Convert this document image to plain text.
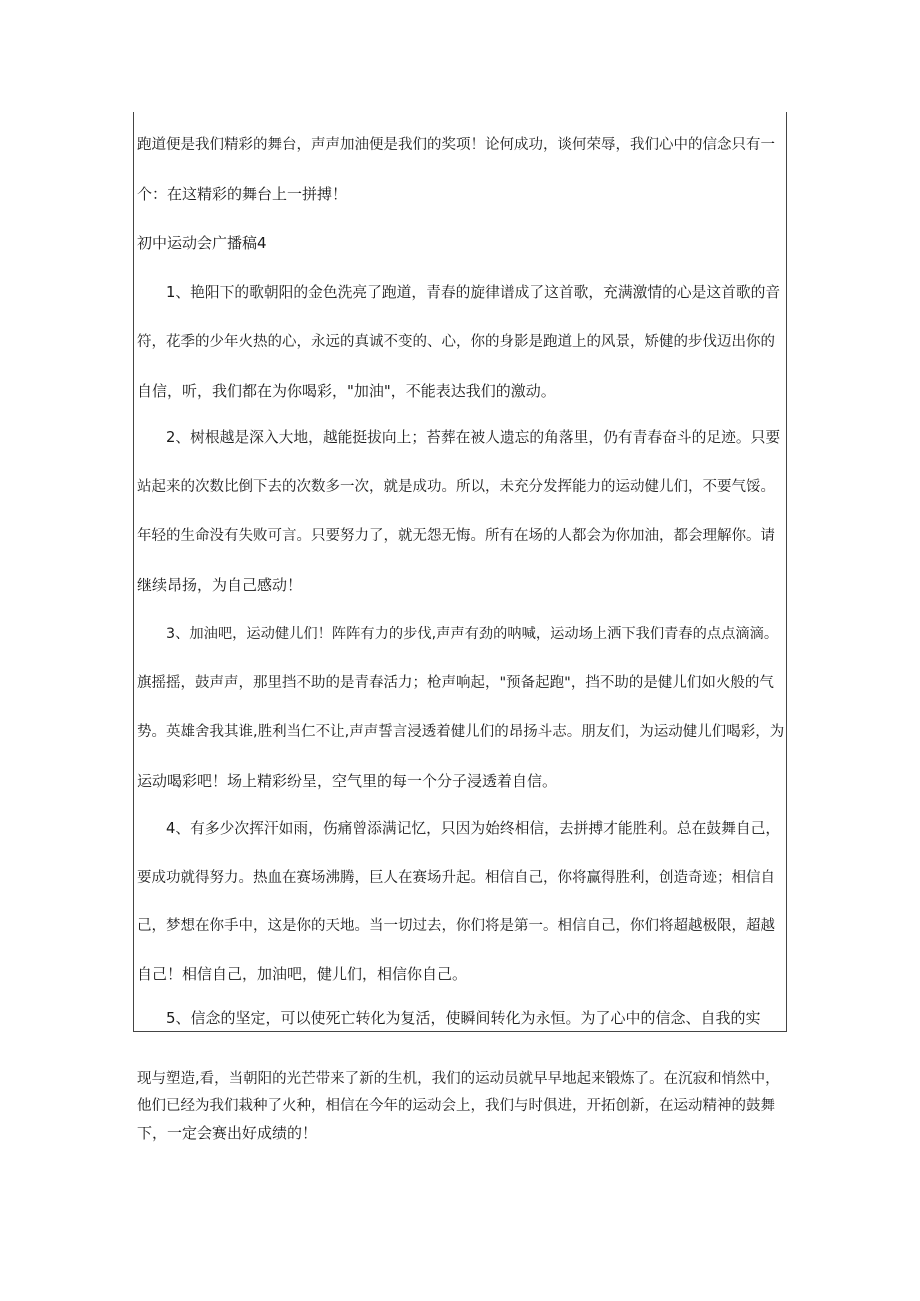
跑道便是我们精彩的舞台，声声加油便是我们的奖项！论何成功，谈何荣辱，我们心中的信念只有一
个：在这精彩的舞台上一拼搏！
初中运动会广播稿4
1、艳阳下的歌朝阳的金色洗亮了跑道，青春的旋律谱成了这首歌，充满激情的心是这首歌的音
符，花季的少年火热的心，永远的真诚不变的、心，你的身影是跑道上的风景，矫健的步伐迈出你的
自信，听，我们都在为你喝彩，"加油"，不能表达我们的激动。
2、树根越是深入大地，越能挺拔向上；苔葬在被人遗忘的角落里，仍有青春奋斗的足迹。只要
站起来的次数比倒下去的次数多一次，就是成功。所以，未充分发挥能力的运动健儿们，不要气馁。
年轻的生命没有失败可言。只要努力了，就无怨无悔。所有在场的人都会为你加油，都会理解你。请
继续昂扬，为自己感动！
3、加油吧，运动健儿们！阵阵有力的步伐,声声有劲的呐喊，运动场上洒下我们青春的点点滴滴。
旗摇摇，鼓声声，那里挡不助的是青春活力；枪声响起，"预备起跑"，挡不助的是健儿们如火般的气
势。英雄舍我其谁,胜利当仁不让,声声誓言浸透着健儿们的昂扬斗志。朋友们，为运动健儿们喝彩，为
运动喝彩吧！场上精彩纷呈，空气里的每一个分子浸透着自信。
4、有多少次挥汗如雨，伤痛曾添满记忆，只因为始终相信，去拼搏才能胜利。总在鼓舞自己，
要成功就得努力。热血在赛场沸腾，巨人在赛场升起。相信自己，你将赢得胜利，创造奇迹；相信自
己，梦想在你手中，这是你的天地。当一切过去，你们将是第一。相信自己，你们将超越极限，超越
自己！相信自己，加油吧，健儿们，相信你自己。
5、信念的坚定，可以使死亡转化为复活，使瞬间转化为永恒。为了心中的信念、自我的实
现与塑造,看，当朝阳的光芒带来了新的生机，我们的运动员就早早地起来锻炼了。在沉寂和悄然中，
他们已经为我们栽种了火种，相信在今年的运动会上，我们与时俱进，开拓创新，在运动精神的鼓舞
下，一定会赛出好成绩的！
